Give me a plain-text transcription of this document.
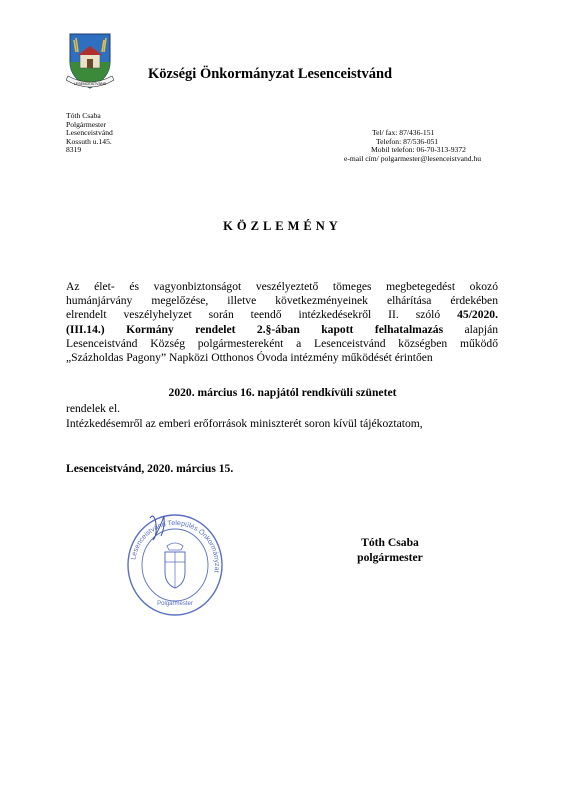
LESENCEISTVÁND
Községi Önkormányzat Lesenceistvánd
Tóth Csaba
Polgármester
Lesenceistvánd
Kossuth u.145.
8319
Tel/ fax: 87/436-151
Telefon: 87/536-051
Mobil telefon: 06-70-313-9372
e-mail cím/ polgarmester@lesenceistvand.hu
KÖZLEMÉNY
Az élet- és vagyonbiztonságot veszélyeztető tömeges megbetegedést okozó
humánjárvány megelőzése, illetve következményeinek elhárítása érdekében
elrendelt veszélyhelyzet során teendő intézkedésekről II. szóló 45/2020.
(III.14.) Kormány rendelet 2.§-ában kapott felhatalmazás alapján
Lesenceistvánd Község polgármestereként a Lesenceistvánd községben működő
„Százholdas Pagony” Napközi Otthonos Óvoda intézmény működését érintően
2020. március 16. napjától rendkívüli szünetet
rendelek el.
Intézkedésemről az emberi erőforrások miniszterét soron kívül tájékoztatom,
Lesenceistvánd, 2020. március 15.
Lesenceistvánd Település Önkormányzat
Polgármester
Tóth Csaba
polgármester
